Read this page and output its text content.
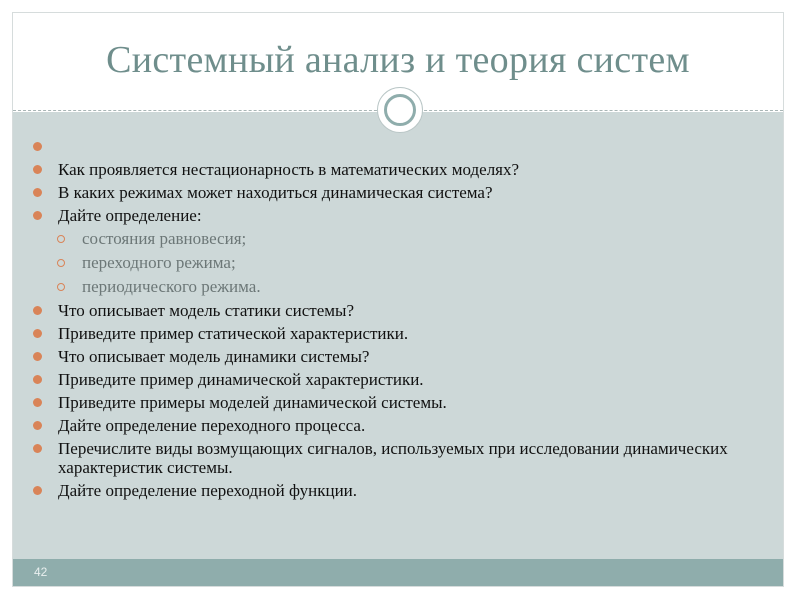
Системный анализ и теория систем
Как проявляется нестационарность в математических моделях?
В каких режимах может находиться динамическая система?
Дайте определение:
состояния равновесия;
переходного режима;
периодического режима.
Что описывает модель статики системы?
Приведите пример статической характеристики.
Что описывает модель динамики системы?
Приведите пример динамической характеристики.
Приведите примеры моделей динамической системы.
Дайте определение переходного процесса.
Перечислите виды возмущающих сигналов, используемых при исследовании динамических характеристик системы.
Дайте определение переходной функции.
42
